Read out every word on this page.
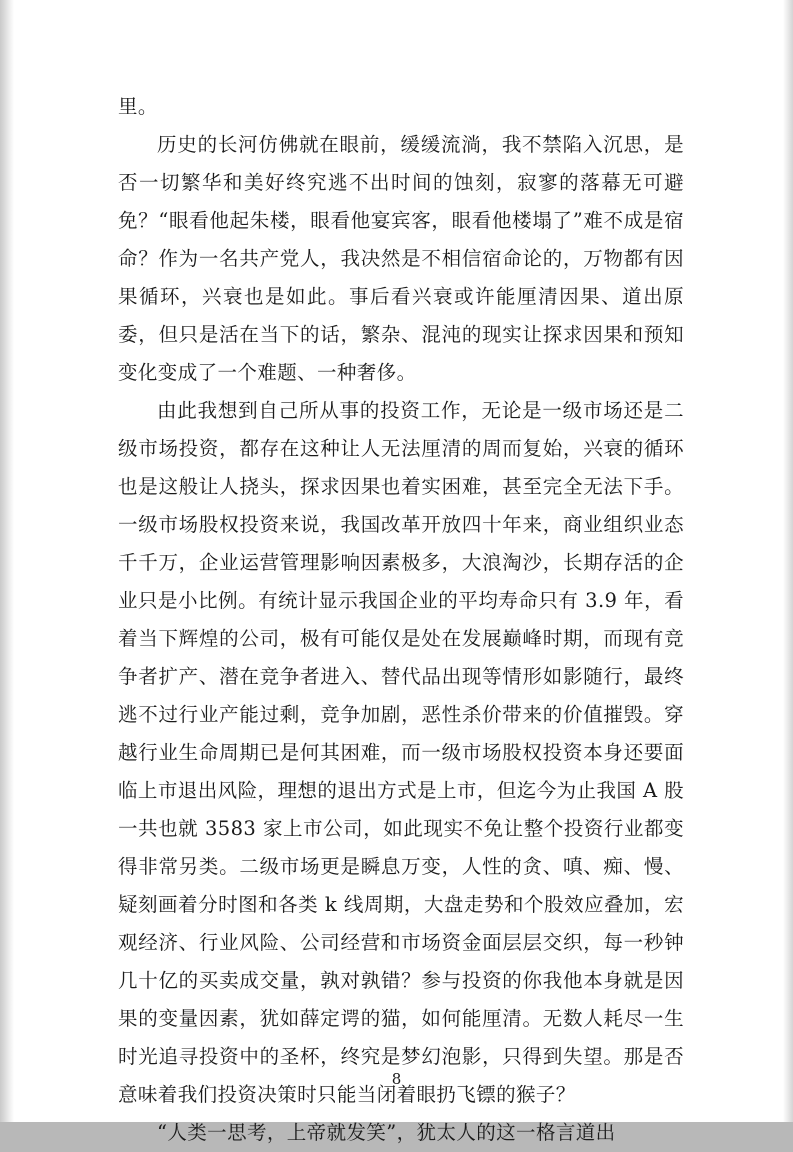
里。

历史的长河仿佛就在眼前，缓缓流淌，我不禁陷入沉思，是否一切繁华和美好终究逃不出时间的蚀刻，寂寥的落幕无可避免？“眼看他起朱楼，眼看他宴宾客，眼看他楼塌了”难不成是宿命？作为一名共产党人，我决然是不相信宿命论的，万物都有因果循环，兴衰也是如此。事后看兴衰或许能厘清因果、道出原委，但只是活在当下的话，繁杂、混沌的现实让探求因果和预知变化变成了一个难题、一种奢侈。

由此我想到自己所从事的投资工作，无论是一级市场还是二级市场投资，都存在这种让人无法厘清的周而复始，兴衰的循环也是这般让人挠头，探求因果也着实困难，甚至完全无法下手。一级市场股权投资来说，我国改革开放四十年来，商业组织业态千千万，企业运营管理影响因素极多，大浪淘沙，长期存活的企业只是小比例。有统计显示我国企业的平均寿命只有 3.9 年，看着当下辉煌的公司，极有可能仅是处在发展巅峰时期，而现有竞争者扩产、潜在竞争者进入、替代品出现等情形如影随行，最终逃不过行业产能过剩，竞争加剧，恶性杀价带来的价值摧毁。穿越行业生命周期已是何其困难，而一级市场股权投资本身还要面临上市退出风险，理想的退出方式是上市，但迄今为止我国 A 股一共也就 3583 家上市公司，如此现实不免让整个投资行业都变得非常另类。二级市场更是瞬息万变，人性的贪、嗔、痴、慢、疑刻画着分时图和各类 k 线周期，大盘走势和个股效应叠加，宏观经济、行业风险、公司经营和市场资金面层层交织，每一秒钟几十亿的买卖成交量，孰对孰错？参与投资的你我他本身就是因果的变量因素，犹如薛定谔的猫，如何能厘清。无数人耗尽一生时光追寻投资中的圣杯，终究是梦幻泡影，只得到失望。那是否意味着我们投资决策时只能当闭着眼扔飞镖的猴子？

“人类一思考，上帝就发笑”，犹太人的这一格言道出

8
